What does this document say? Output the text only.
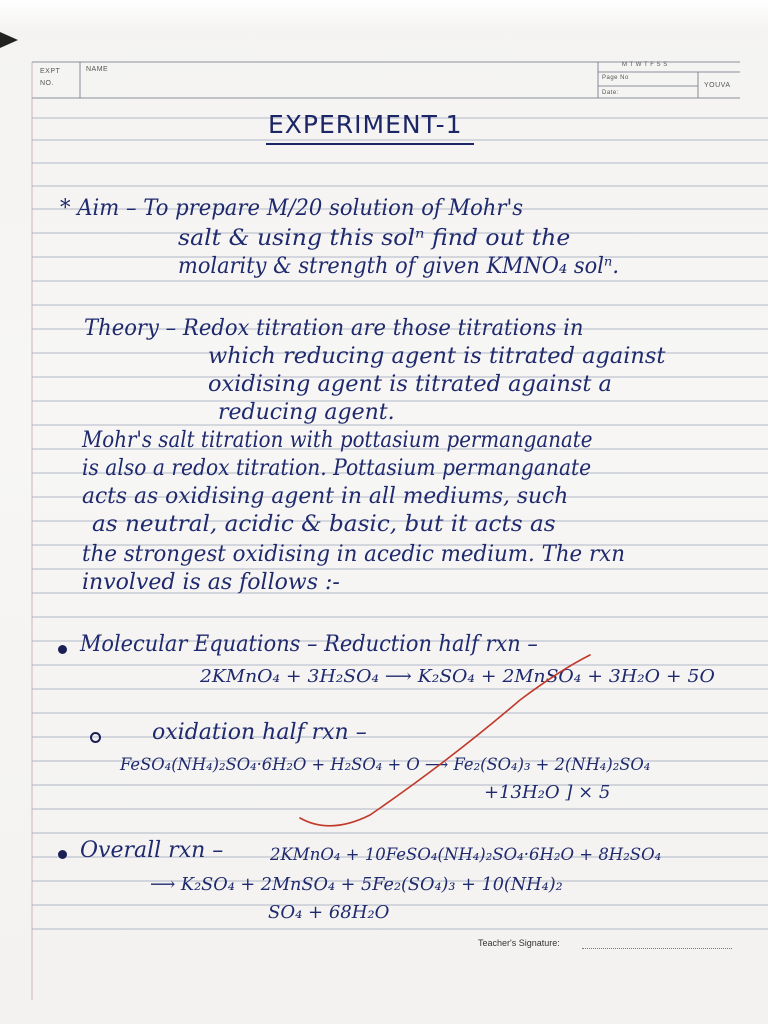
EXPT
NO.
NAME
M T W T F S S
Page No
Date:
YOUVA
EXPERIMENT-1
* Aim – To prepare M/20 solution of Mohr's
salt & using this solⁿ find out the
molarity & strength of given KMNO₄ solⁿ.
Theory – Redox titration are those titrations in
which reducing agent is titrated against
oxidising agent is titrated against a
reducing agent.
Mohr's salt titration with pottasium permanganate
is also a redox titration. Pottasium permanganate
acts as oxidising agent in all mediums, such
as neutral, acidic & basic, but it acts as
the strongest oxidising in acedic medium. The rxn
involved is as follows :-
Molecular Equations – Reduction half rxn –
2KMnO₄ + 3H₂SO₄ ⟶ K₂SO₄ + 2MnSO₄ + 3H₂O + 5O
oxidation half rxn –
FeSO₄(NH₄)₂SO₄·6H₂O + H₂SO₄ + O ⟶ Fe₂(SO₄)₃ + 2(NH₄)₂SO₄
+13H₂O ] × 5
Overall rxn –	2KMnO₄ + 10FeSO₄(NH₄)₂SO₄·6H₂O + 8H₂SO₄
⟶ K₂SO₄ + 2MnSO₄ + 5Fe₂(SO₄)₃ + 10(NH₄)₂
SO₄ + 68H₂O
Teacher's Signature:
